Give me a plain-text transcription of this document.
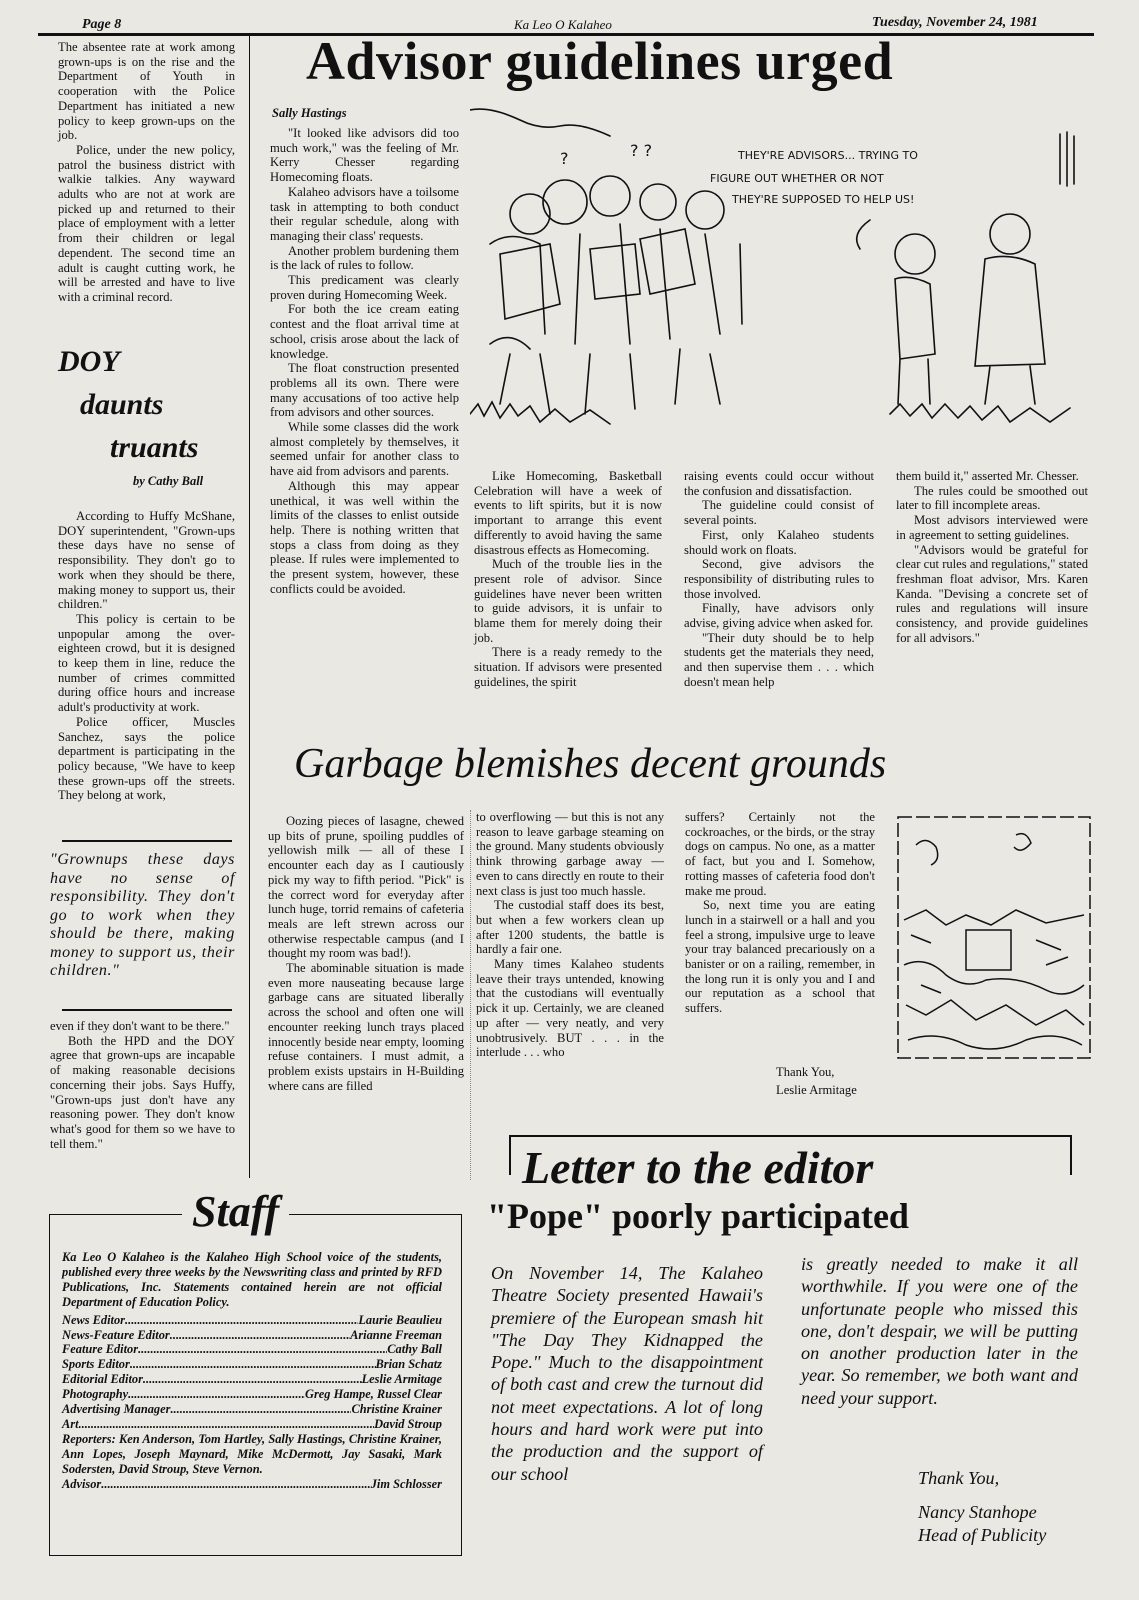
Page 8	Ka Leo O Kalaheo	Tuesday, November 24, 1981

The absentee rate at work among grown-ups is on the rise and the Department of Youth in cooperation with the Police Department has initiated a new policy to keep grown-ups on the job.

Police, under the new policy, patrol the business district with walkie talkies. Any wayward adults who are not at work are picked up and returned to their place of employment with a letter from their children or legal dependent. The second time an adult is caught cutting work, he will be arrested and have to live with a criminal record.

DOY
daunts
truants
by Cathy Ball

According to Huffy McShane, DOY superintendent, "Grown-ups these days have no sense of responsibility. They don't go to work when they should be there, making money to support us, their children."

This policy is certain to be unpopular among the over-eighteen crowd, but it is designed to keep them in line, reduce the number of crimes committed during office hours and increase adult's productivity at work.

Police officer, Muscles Sanchez, says the police department is participating in the policy because, "We have to keep these grown-ups off the streets. They belong at work,

"Grownups these days have no sense of responsibility. They don't go to work when they should be there, making money to support us, their children."

even if they don't want to be there."

Both the HPD and the DOY agree that grown-ups are incapable of making reasonable decisions concerning their jobs. Says Huffy, "Grown-ups just don't have any reasoning power. They don't know what's good for them so we have to tell them."

Advisor guidelines urged
Sally Hastings

"It looked like advisors did too much work," was the feeling of Mr. Kerry Chesser regarding Homecoming floats.

Kalaheo advisors have a toilsome task in attempting to both conduct their regular schedule, along with managing their class' requests.

Another problem burdening them is the lack of rules to follow.

This predicament was clearly proven during Homecoming Week.

For both the ice cream eating contest and the float arrival time at school, crisis arose about the lack of knowledge.

The float construction presented problems all its own. There were many accusations of too active help from advisors and other sources.

While some classes did the work almost completely by themselves, it seemed unfair for another class to have aid from advisors and parents.

Although this may appear unethical, it was well within the limits of the classes to enlist outside help. There is nothing written that stops a class from doing as they please. If rules were implemented to the present system, however, these conflicts could be avoided.

?	? ?	THEY'RE ADVISORS... TRYING TO
FIGURE OUT WHETHER OR NOT
THEY'RE SUPPOSED TO HELP US!

Like Homecoming, Basketball Celebration will have a week of events to lift spirits, but it is now important to arrange this event differently to avoid having the same disastrous effects as Homecoming.

Much of the trouble lies in the present role of advisor. Since guidelines have never been written to guide advisors, it is unfair to blame them for merely doing their job.

There is a ready remedy to the situation. If advisors were presented guidelines, the spirit

raising events could occur without the confusion and dissatisfaction.

The guideline could consist of several points.

First, only Kalaheo students should work on floats.

Second, give advisors the responsibility of distributing rules to those involved.

Finally, have advisors only advise, giving advice when asked for.

"Their duty should be to help students get the materials they need, and then supervise them . . . which doesn't mean help

them build it," asserted Mr. Chesser.

The rules could be smoothed out later to fill incomplete areas.

Most advisors interviewed were in agreement to setting guidelines.

"Advisors would be grateful for clear cut rules and regulations," stated freshman float advisor, Mrs. Karen Kanda. "Devising a concrete set of rules and regulations will insure consistency, and provide guidelines for all advisors."

Garbage blemishes decent grounds

Oozing pieces of lasagne, chewed up bits of prune, spoiling puddles of yellowish milk — all of these I encounter each day as I cautiously pick my way to fifth period. "Pick" is the correct word for everyday after lunch huge, torrid remains of cafeteria meals are left strewn across our otherwise respectable campus (and I thought my room was bad!).

The abominable situation is made even more nauseating because large garbage cans are situated liberally across the school and often one will encounter reeking lunch trays placed innocently beside near empty, looming refuse containers. I must admit, a problem exists upstairs in H-Building where cans are filled

to overflowing — but this is not any reason to leave garbage steaming on the ground. Many students obviously think throwing garbage away — even to cans directly en route to their next class is just too much hassle.

The custodial staff does its best, but when a few workers clean up after 1200 students, the battle is hardly a fair one.

Many times Kalaheo students leave their trays untended, knowing that the custodians will eventually pick it up. Certainly, we are cleaned up after — very neatly, and very unobtrusively. BUT . . . in the interlude . . . who

suffers? Certainly not the cockroaches, or the birds, or the stray dogs on campus. No one, as a matter of fact, but you and I. Somehow, rotting masses of cafeteria food don't make me proud.

So, next time you are eating lunch in a stairwell or a hall and you feel a strong, impulsive urge to leave your tray balanced precariously on a banister or on a railing, remember, in the long run it is only you and I and our reputation as a school that suffers.

Thank You,
Leslie Armitage
Staff
Ka Leo O Kalaheo is the Kalaheo High School voice of the students, published every three weeks by the Newswriting class and printed by RFD Publications, Inc. Statements contained herein are not official Department of Education Policy.
News Editor .....	Laurie Beaulieu
News-Feature Editor .....	Arianne Freeman
Feature Editor .....	Cathy Ball
Sports Editor .....	Brian Schatz
Editorial Editor .....	Leslie Armitage
Photography .....	Greg Hampe, Russel Clear
Advertising Manager .....	Christine Krainer
Art .....	David Stroup
Reporters: Ken Anderson, Tom Hartley, Sally Hastings, Christine Krainer, Ann Lopes, Joseph Maynard, Mike McDermott, Jay Sasaki, Mark Sodersten, David Stroup, Steve Vernon.
Advisor .....	Jim Schlosser
Letter to the editor
"Pope" poorly participated
On November 14, The Kalaheo Theatre Society presented Hawaii's premiere of the European smash hit "The Day They Kidnapped the Pope." Much to the disappointment of both cast and crew the turnout did not meet expectations. A lot of long hours and hard work were put into the production and the support of our school
is greatly needed to make it all worthwhile. If you were one of the unfortunate people who missed this one, don't despair, we will be putting on another production later in the year. So remember, we both want and need your support.
Thank You,
Nancy Stanhope
Head of Publicity
